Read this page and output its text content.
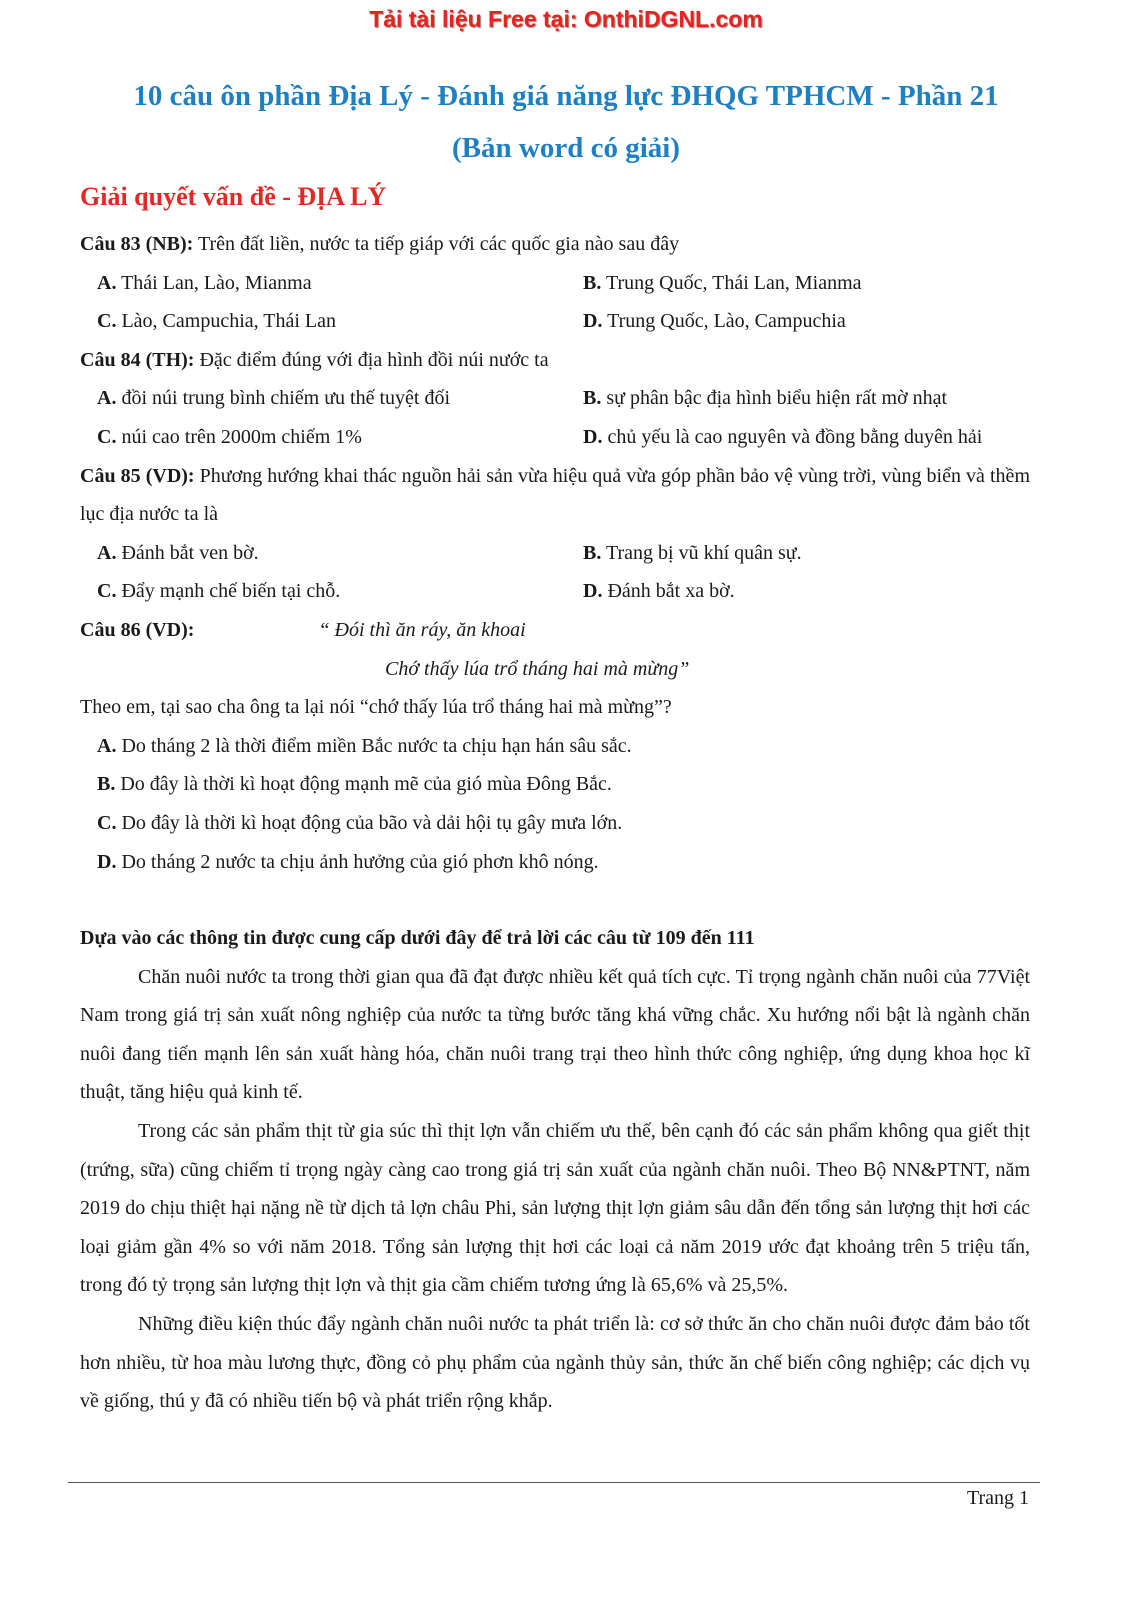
Tải tài liệu Free tại: OnthiDGNL.com
10 câu ôn phần Địa Lý - Đánh giá năng lực ĐHQG TPHCM - Phần 21
(Bản word có giải)
Giải quyết vấn đề - ĐỊA LÝ
Câu 83 (NB): Trên đất liền, nước ta tiếp giáp với các quốc gia nào sau đây
A. Thái Lan, Lào, Mianma	B. Trung Quốc, Thái Lan, Mianma
C. Lào, Campuchia, Thái Lan	D. Trung Quốc, Lào, Campuchia
Câu 84 (TH): Đặc điểm đúng với địa hình đồi núi nước ta
A. đồi núi trung bình chiếm ưu thế tuyệt đối	B. sự phân bậc địa hình biểu hiện rất mờ nhạt
C. núi cao trên 2000m chiếm 1%	D. chủ yếu là cao nguyên và đồng bằng duyên hải
Câu 85 (VD): Phương hướng khai thác nguồn hải sản vừa hiệu quả vừa góp phần bảo vệ vùng trời, vùng biển và thềm lục địa nước ta là
A. Đánh bắt ven bờ.	B. Trang bị vũ khí quân sự.
C. Đẩy mạnh chế biến tại chỗ.	D. Đánh bắt xa bờ.
Câu 86 (VD):	“ Đói thì ăn ráy, ăn khoai
Chớ thấy lúa trổ tháng hai mà mừng”
Theo em, tại sao cha ông ta lại nói “chớ thấy lúa trổ tháng hai mà mừng”?
A. Do tháng 2 là thời điểm miền Bắc nước ta chịu hạn hán sâu sắc.
B. Do đây là thời kì hoạt động mạnh mẽ của gió mùa Đông Bắc.
C. Do đây là thời kì hoạt động của bão và dải hội tụ gây mưa lớn.
D. Do tháng 2 nước ta chịu ảnh hưởng của gió phơn khô nóng.
Dựa vào các thông tin được cung cấp dưới đây để trả lời các câu từ 109 đến 111
Chăn nuôi nước ta trong thời gian qua đã đạt được nhiều kết quả tích cực. Tỉ trọng ngành chăn nuôi của 77Việt Nam trong giá trị sản xuất nông nghiệp của nước ta từng bước tăng khá vững chắc. Xu hướng nổi bật là ngành chăn nuôi đang tiến mạnh lên sản xuất hàng hóa, chăn nuôi trang trại theo hình thức công nghiệp, ứng dụng khoa học kĩ thuật, tăng hiệu quả kinh tế.
Trong các sản phẩm thịt từ gia súc thì thịt lợn vẫn chiếm ưu thế, bên cạnh đó các sản phẩm không qua giết thịt (trứng, sữa) cũng chiếm tỉ trọng ngày càng cao trong giá trị sản xuất của ngành chăn nuôi. Theo Bộ NN&PTNT, năm 2019 do chịu thiệt hại nặng nề từ dịch tả lợn châu Phi, sản lượng thịt lợn giảm sâu dẫn đến tổng sản lượng thịt hơi các loại giảm gần 4% so với năm 2018. Tổng sản lượng thịt hơi các loại cả năm 2019 ước đạt khoảng trên 5 triệu tấn, trong đó tỷ trọng sản lượng thịt lợn và thịt gia cầm chiếm tương ứng là 65,6% và 25,5%.
Những điều kiện thúc đẩy ngành chăn nuôi nước ta phát triển là: cơ sở thức ăn cho chăn nuôi được đảm bảo tốt hơn nhiều, từ hoa màu lương thực, đồng cỏ phụ phẩm của ngành thủy sản, thức ăn chế biến công nghiệp; các dịch vụ về giống, thú y đã có nhiều tiến bộ và phát triển rộng khắp.
Trang 1
